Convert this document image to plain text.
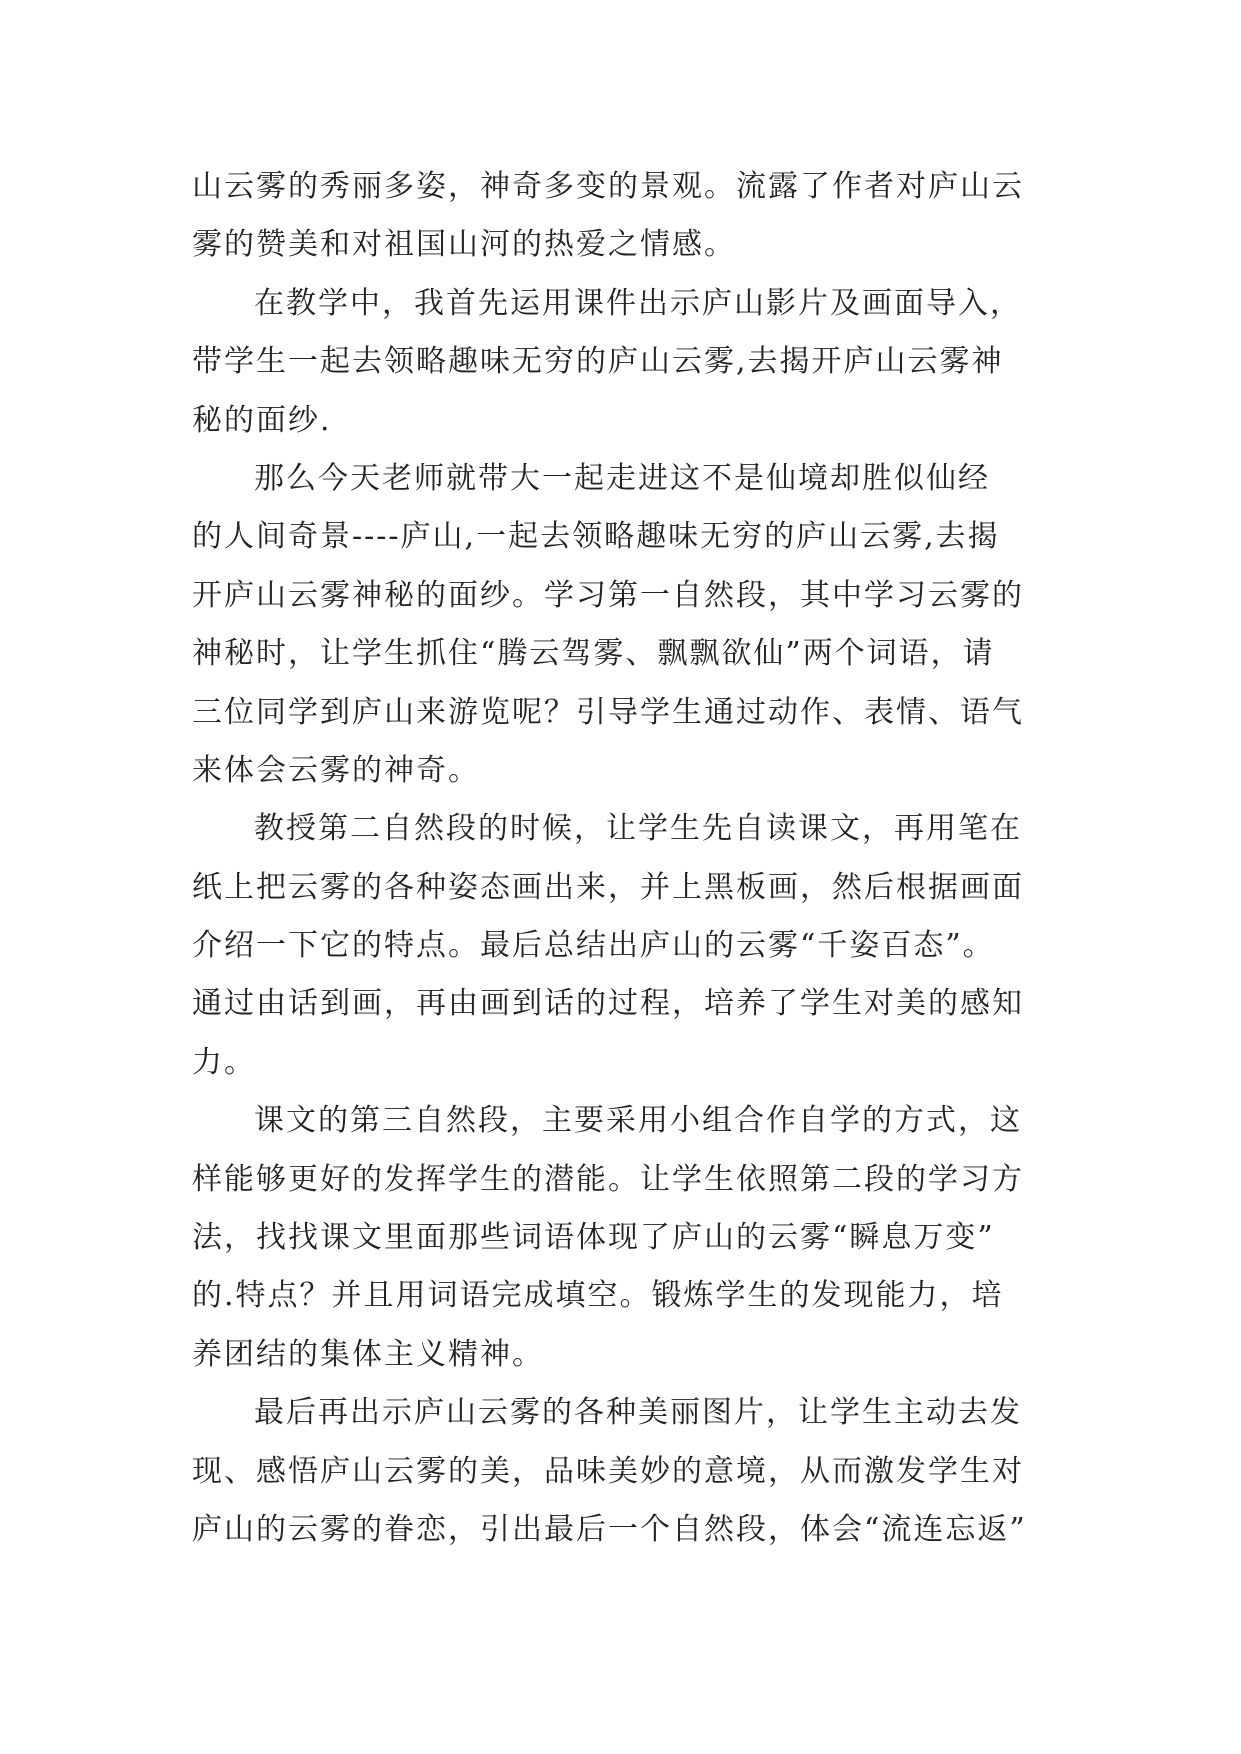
山云雾的秀丽多姿，神奇多变的景观。流露了作者对庐山云
雾的赞美和对祖国山河的热爱之情感。
在教学中，我首先运用课件出示庐山影片及画面导入，
带学生一起去领略趣味无穷的庐山云雾,去揭开庐山云雾神
秘的面纱.
那么今天老师就带大一起走进这不是仙境却胜似仙经
的人间奇景----庐山,一起去领略趣味无穷的庐山云雾,去揭
开庐山云雾神秘的面纱。学习第一自然段，其中学习云雾的
神秘时，让学生抓住“腾云驾雾、飘飘欲仙”两个词语，请
三位同学到庐山来游览呢？引导学生通过动作、表情、语气
来体会云雾的神奇。
教授第二自然段的时候，让学生先自读课文，再用笔在
纸上把云雾的各种姿态画出来，并上黑板画，然后根据画面
介绍一下它的特点。最后总结出庐山的云雾“千姿百态”。
通过由话到画，再由画到话的过程，培养了学生对美的感知
力。
课文的第三自然段，主要采用小组合作自学的方式，这
样能够更好的发挥学生的潜能。让学生依照第二段的学习方
法，找找课文里面那些词语体现了庐山的云雾“瞬息万变”
的.特点？并且用词语完成填空。锻炼学生的发现能力，培
养团结的集体主义精神。
最后再出示庐山云雾的各种美丽图片，让学生主动去发
现、感悟庐山云雾的美，品味美妙的意境，从而激发学生对
庐山的云雾的眷恋，引出最后一个自然段，体会“流连忘返”
